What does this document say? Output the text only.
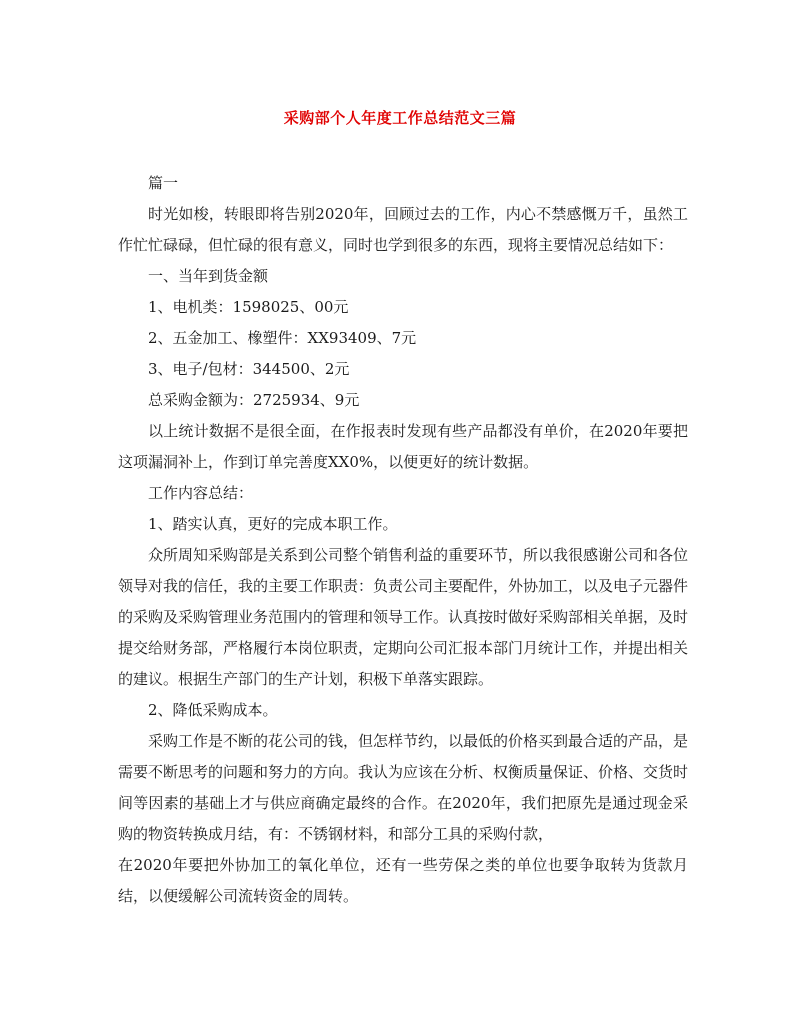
采购部个人年度工作总结范文三篇

篇一

时光如梭，转眼即将告别2020年，回顾过去的工作，内心不禁感慨万千，虽然工作忙忙碌碌，但忙碌的很有意义，同时也学到很多的东西，现将主要情况总结如下：

一、当年到货金额

1、电机类：1598025、00元

2、五金加工、橡塑件：XX93409、7元

3、电子/包材：344500、2元

总采购金额为：2725934、9元

以上统计数据不是很全面，在作报表时发现有些产品都没有单价，在2020年要把这项漏洞补上，作到订单完善度XX0%，以便更好的统计数据。

工作内容总结：

1、踏实认真，更好的完成本职工作。

众所周知采购部是关系到公司整个销售利益的重要环节，所以我很感谢公司和各位领导对我的信任，我的主要工作职责：负责公司主要配件，外协加工，以及电子元器件的采购及采购管理业务范围内的管理和领导工作。认真按时做好采购部相关单据，及时提交给财务部，严格履行本岗位职责，定期向公司汇报本部门月统计工作，并提出相关的建议。根据生产部门的生产计划，积极下单落实跟踪。

2、降低采购成本。

采购工作是不断的花公司的钱，但怎样节约，以最低的价格买到最合适的产品，是需要不断思考的问题和努力的方向。我认为应该在分析、权衡质量保证、价格、交货时间等因素的基础上才与供应商确定最终的合作。在2020年，我们把原先是通过现金采购的物资转换成月结，有：不锈钢材料，和部分工具的采购付款，

在2020年要把外协加工的氧化单位，还有一些劳保之类的单位也要争取转为货款月结，以便缓解公司流转资金的周转。
